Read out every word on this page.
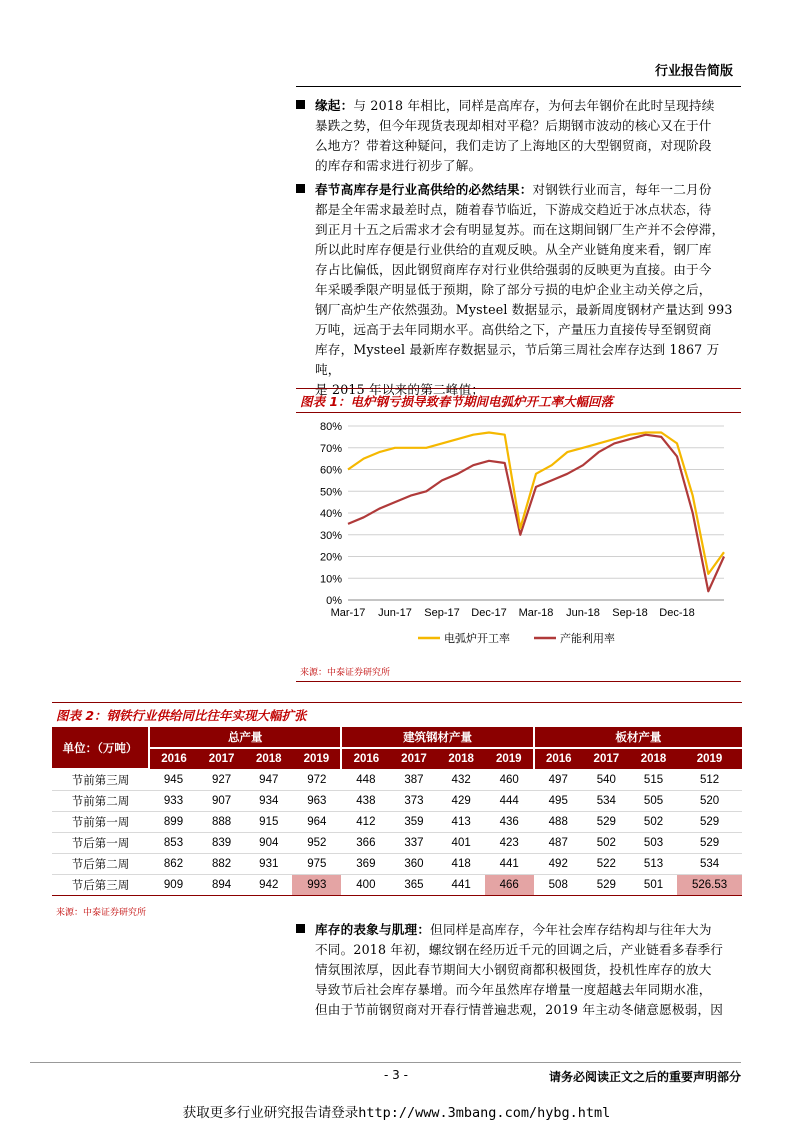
行业报告简版
缘起：与 2018 年相比，同样是高库存，为何去年钢价在此时呈现持续
暴跌之势，但今年现货表现却相对平稳？后期钢市波动的核心又在于什
么地方？带着这种疑问，我们走访了上海地区的大型钢贸商，对现阶段
的库存和需求进行初步了解。
春节高库存是行业高供给的必然结果：对钢铁行业而言，每年一二月份
都是全年需求最差时点，随着春节临近，下游成交趋近于冰点状态，待
到正月十五之后需求才会有明显复苏。而在这期间钢厂生产并不会停滞，
所以此时库存便是行业供给的直观反映。从全产业链角度来看，钢厂库
存占比偏低，因此钢贸商库存对行业供给强弱的反映更为直接。由于今
年采暖季限产明显低于预期，除了部分亏损的电炉企业主动关停之后，
钢厂高炉生产依然强劲。Mysteel 数据显示，最新周度钢材产量达到 993
万吨，远高于去年同期水平。高供给之下，产量压力直接传导至钢贸商
库存，Mysteel 最新库存数据显示，节后第三周社会库存达到 1867 万吨，
是 2015 年以来的第二峰值；
图表 1：电炉钢亏损导致春节期间电弧炉开工率大幅回落
0%
10%
20%
30%
40%
50%
60%
70%
80%
Mar-17 Jun-17 Sep-17 Dec-17 Mar-18 Jun-18 Sep-18 Dec-18
电弧炉开工率	产能利用率
来源：中泰证券研究所
图表 2：钢铁行业供给同比往年实现大幅扩张
单位：（万吨）	总产量				建筑钢材产量				板材产量			
	2016	2017	2018	2019	2016	2017	2018	2019	2016	2017	2018	2019
节前第三周	945	927	947	972	448	387	432	460	497	540	515	512
节前第二周	933	907	934	963	438	373	429	444	495	534	505	520
节前第一周	899	888	915	964	412	359	413	436	488	529	502	529
节后第一周	853	839	904	952	366	337	401	423	487	502	503	529
节后第二周	862	882	931	975	369	360	418	441	492	522	513	534
节后第三周	909	894	942	993	400	365	441	466	508	529	501	526.53
来源：中泰证券研究所
库存的表象与肌理：但同样是高库存，今年社会库存结构却与往年大为
不同。2018 年初，螺纹钢在经历近千元的回调之后，产业链看多春季行
情氛围浓厚，因此春节期间大小钢贸商都积极囤货，投机性库存的放大
导致节后社会库存暴增。而今年虽然库存增量一度超越去年同期水准，
但由于节前钢贸商对开春行情普遍悲观，2019 年主动冬储意愿极弱，因
- 3 -	请务必阅读正文之后的重要声明部分
获取更多行业研究报告请登录http://www.3mbang.com/hybg.html
